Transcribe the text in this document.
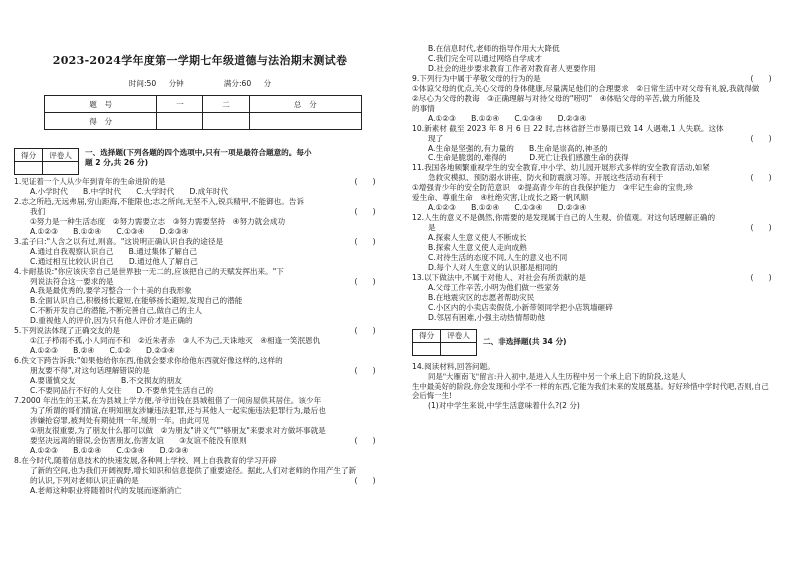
2023-2024学年度第一学期七年级道德与法治期末测试卷
时间:50 分钟 　　	满分:60 分
题　号	一	二	总　分
得　分			
得分	评卷人
	一、选择题(下列各题的四个选项中,只有一项是最符合题意的。每小
题 2 分,共 26 分)
1.见证着一个人从少年到青年的生命进阶的是	(　　)
A.小学时代　　B.中学时代　　C.大学时代　　D.成年时代
2.志之所趋,无远弗届,穷山距海,不能限也;志之所向,无坚不入,锐兵精甲,不能御也。告诉
我们	(　　)
①努力是一种生活态度　②努力需要立志　③努力需要坚持　④努力就会成功
A.①②③　　B.①②④　　C.①③④　　D.②③④
3.孟子曰:"人含之以有过,则喜。"这说明正确认识自我的途径是	(　　)
A.通过自我观察认识自己　　B.通过集体了解自己
C.通过相互比较认识自己　　D.通过他人了解自己
4.卡耐基说:"你应该庆幸自己是世界独一无二的,应该把自己的天赋发挥出来。"下
列说法符合这一要求的是	(　　)
A.我是最优秀的,要学习整合一个十美的自我形象
B.全面认识自己,积极扬长避短,在能够扬长避短,发现自己的潜能
C.不断开发自己的潜能,不断完善自己,做自己的主人
D.重视他人的评价,因为只有他人评价才是正确的
5.下列说法体现了正确交友的是	(　　)
①江子栉雨不孤,小人同而不和　②近朱者赤　③人不为己,天诛地灭　④相逢一笑泯恩仇
A.①②③　　B.②④　　C.①②　　D.②③④
6.佚文下跨告诉我:"如果他给你东西,他就会要求你给他东西就好像这样的,这样的
朋友要不得",对这句话理解错误的是	(　　)
A.要谨慎交友　　　　　　B.不交损友的朋友
C.不要同品行不好的人交往　　D.不要单凭生活自己的
7.2000 年出生的王某,在为县城上学方便,爷爷出钱在县城租借了一间房屋供其居住。该少年
为了所谓的哥们情谊,在明知朋友涉嫌违法犯罪,还与其他人一起实施违法犯罪行为,最后也
涉嫌抢窃罪,被判处有期徒刑一年,缓刑一年。由此可见
①朋友很重要,为了朋友什么都可以做　②为朋友"讲义气""够朋友"来要求对方做坏事就是
要坚决远离的错误,会伤害朋友,伤害友谊　　③友谊不能没有原则	(　　)
A.①②③　　B.①②④　　C.①③④　　D.②③④
8.在今时代,随着信息技术的快速发展,各种网上学校、网上自我教育的学习开辟
了新的空间,也为我们开阔视野,增长知识和信息提供了重要途径。据此,人们对老师的作用产生了新
的认识,下列对老师认识正确的是	(　　)
A.老师这种职业将随着时代的发展而逐渐消亡
B.在信息时代,老师的指导作用大大降低
C.我们完全可以通过网络自学成才
D.社会的进步要求教育工作者对教育者人更要作用
9.下列行为中属于孝敬父母的行为的是	(　　)
①体谅父母的优点,关心父母的身体健康,尽量满足他们的合理要求　②日常生活中对父母有礼貌,我就得做
②尽心为父母的教诲　③正确理解与对待父母的"唠叨"　④体贴父母的辛苦,做力所能及
的事情
A.①②③　　B.①②④　　C.①③④　　D.②③④
10.新素材 截至 2023 年 8 月 6 日 22 时,吉林省舒兰市暴雨已致 14 人遇难,1 人失联。这体
现了	(　　)
A.生命是坚强的,有力量的　　B.生命是崇高的,神圣的
C.生命是脆弱的,难得的　　　D.死亡让我们感激生命的获得
11.我国各地频繁重视学生的安全教育,中小学、幼儿园开展形式多样的安全教育活动,如紧
急救灾模拟、预防溺水讲座、防火和防震演习等。开展这些活动有利于	(　　)
①增强青少年的安全防范意识　②提高青少年的自我保护能力　③牢记生命的宝贵,珍
爱生命、尊重生命　④杜绝灾害,让成长之路一帆风顺
A.①②③　　B.①②④　　C.①③④　　D.②③④
12.人生的意义不是偶然,你需要的是发现属于自己的人生观、价值观。对这句话理解正确的
是	(　　)
A.探索人生意义使人不断成长
B.探索人生意义使人走向成熟
C.对待生活的态度不同,人生的意义也不同
D.每个人对人生意义的认识都是相同的
13.以下做法中,不属于对他人、对社会有所贡献的是	(　　)
A.父母工作辛苦,小明为他们做一些家务
B.在地震灾区的志愿者帮助灾民
C.小区内的小卖店卖假货,小新带领同学把小店筑墙砸碎
D.邻居有困难,小强主动热情帮助他
得分	评卷人

二、非选择题(共 34 分)
14.阅读材料,回答问题。
同是"大雁南飞"留言:升入初中,是进入人生历程中另一个承上启下的阶段,这是人
生中最美好的阶段,你会发现和小学不一样的东西,它能为我们未来的发展奠基。好好珍惜中学时代吧,否则,自己
会后悔一生!
(1)对中学生来说,中学生活意味着什么?(2 分)
